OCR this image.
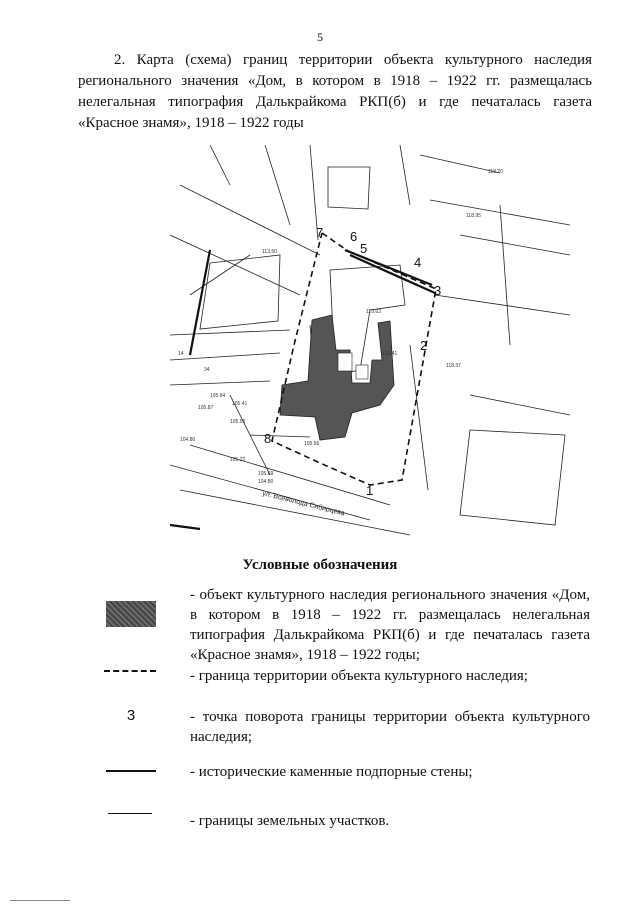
5

2. Карта (схема) границ территории объекта культурного наследия регионального значения «Дом, в котором в 1918 – 1922 гг. размещалась нелегальная типография Далькрайкома РКП(б) и где печаталась газета «Красное знамя», 1918 – 1922 годы

1
2
3
4
5
6
7
8
119.63
120.41
118.95
118.37
105.84
105.87
105.41
105.55
104.80
105.22
105.69
104.80
105.56
113.50
118.20
14
34
ул. Всеволода Сибирцева

Условные обозначения

- объект культурного наследия регионального значения «Дом, в котором в 1918 – 1922 гг. размещалась нелегальная типография Далькрайкома РКП(б) и где печаталась газета «Красное знамя», 1918 – 1922 годы;

- граница территории объекта культурного наследия;

3	- точка поворота границы территории объекта культурного наследия;

- исторические каменные подпорные стены;

- границы земельных участков.
